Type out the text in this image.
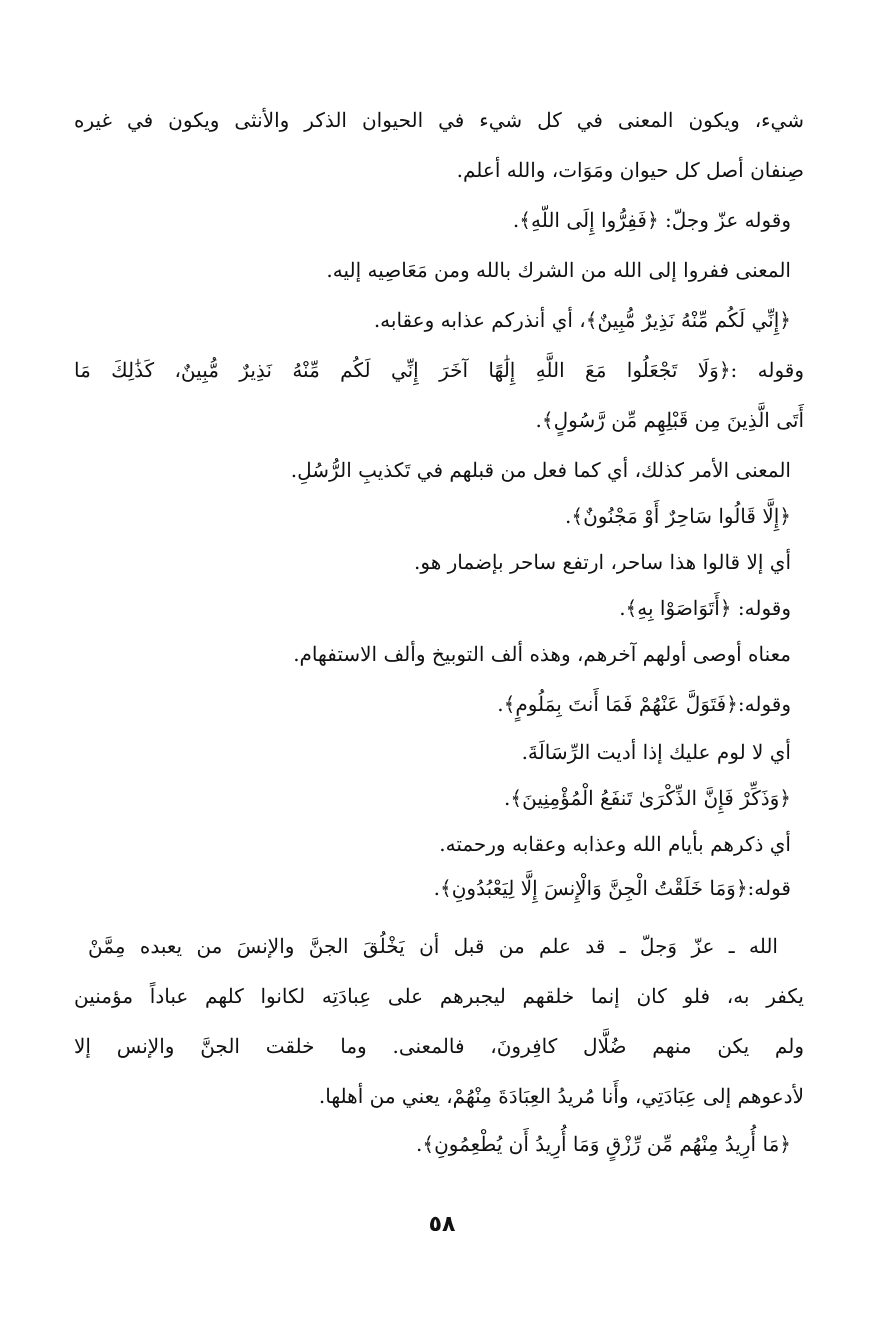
شيء، ويكون المعنى في كل شيء في الحيوان الذكر والأنثى ويكون في غيره
صِنفان أصل كل حيوان ومَوَات، والله أعلم.
وقوله عزّ وجلّ: ﴿فَفِرُّوا إِلَى اللّهِ﴾.
المعنى ففروا إلى الله من الشرك بالله ومن مَعَاصِيه إليه.
﴿إِنِّي لَكُم مِّنْهُ نَذِيرٌ مُّبِينٌ﴾، أي أنذركم عذابه وعقابه.
وقوله :﴿وَلَا تَجْعَلُوا مَعَ اللَّهِ إِلَٰهًا آخَرَ إِنِّي لَكُم مِّنْهُ نَذِيرٌ مُّبِينٌ، كَذَٰلِكَ مَا
أَتَى الَّذِينَ مِن قَبْلِهِم مِّن رَّسُولٍ﴾.
المعنى الأمر كذلك، أي كما فعل من قبلهم في تَكذيبِ الرُّسُلِ.
﴿إِلَّا قَالُوا سَاحِرٌ أَوْ مَجْنُونٌ﴾.
أي إلا قالوا هذا ساحر، ارتفع ساحر بإضمار هو.
وقوله: ﴿أَتَوَاصَوْا بِهِ﴾.
معناه أوصى أولهم آخرهم، وهذه ألف التوبيخ وألف الاستفهام.
وقوله:﴿فَتَوَلَّ عَنْهُمْ فَمَا أَنتَ بِمَلُومٍ﴾.
أي لا لوم عليك إذا أديت الرِّسَالَةَ.
﴿وَذَكِّرْ فَإِنَّ الذِّكْرَىٰ تَنفَعُ الْمُؤْمِنِينَ﴾.
أي ذكرهم بأيام الله وعذابه وعقابه ورحمته.
قوله:﴿وَمَا خَلَقْتُ الْجِنَّ وَالْإِنسَ إِلَّا لِيَعْبُدُونِ﴾.
الله ـ عزّ وَجلّ ـ قد علم من قبل أن يَخْلُقَ الجنَّ والإنسَ من يعبده مِمَّنْ
يكفر به، فلو كان إنما خلقهم ليجبرهم على عِبادَتِه لكانوا كلهم عباداً مؤمنين
ولم يكن منهم ضُلَّال كافِرونَ، فالمعنى. وما خلقت الجنَّ والإنس إلا
لأدعوهم إلى عِبَادَتِي، وأَنا مُريدُ العِبَادَةَ مِنْهُمْ، يعني من أهلها.
﴿مَا أُرِيدُ مِنْهُم مِّن رِّزْقٍ وَمَا أُرِيدُ أَن يُطْعِمُونِ﴾.
٥٨
